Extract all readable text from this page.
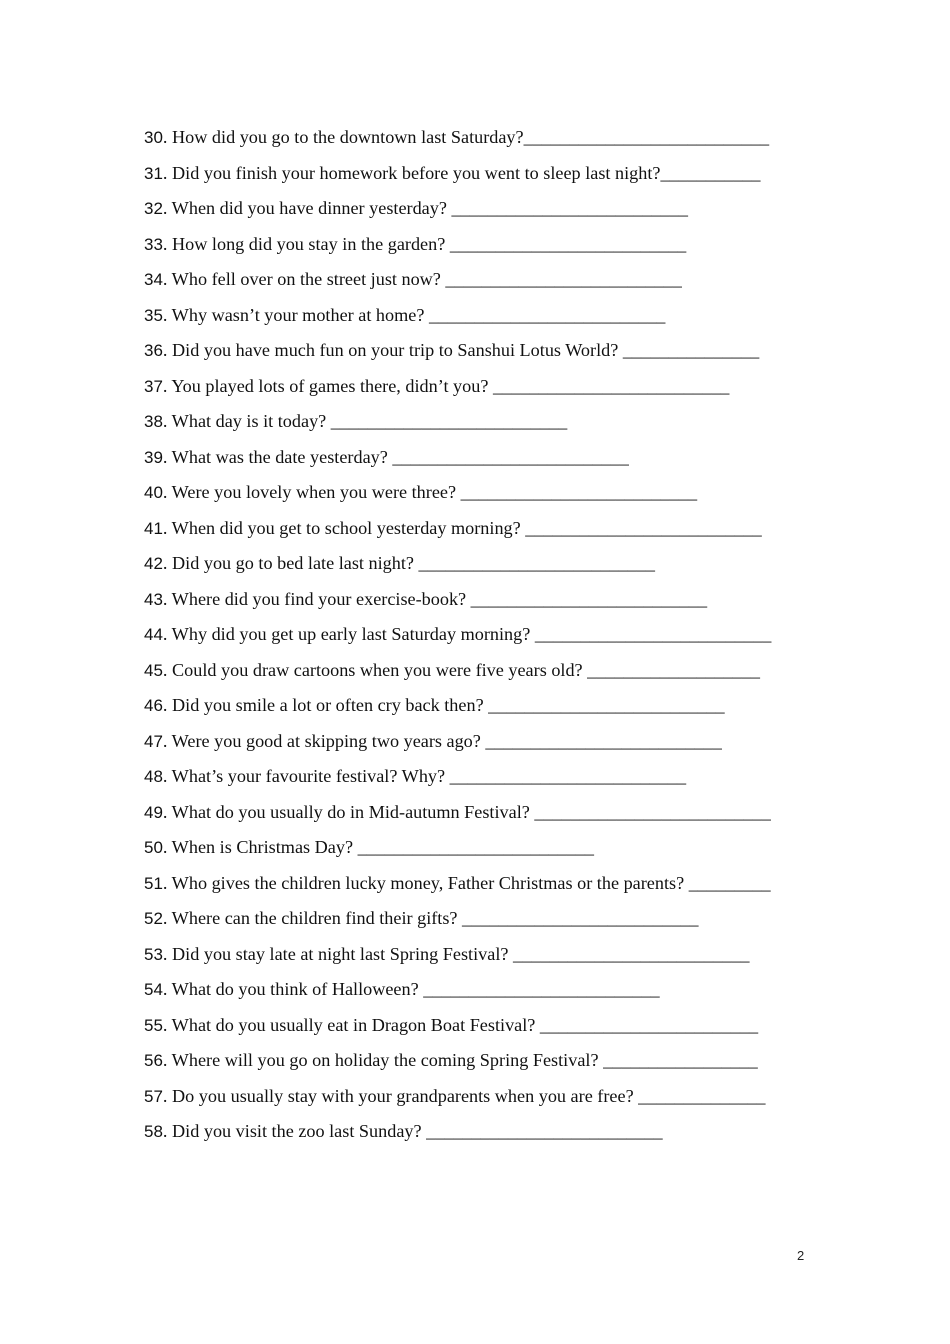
30. How did you go to the downtown last Saturday?___________________________
31. Did you finish your homework before you went to sleep last night?___________
32. When did you have dinner yesterday? __________________________
33. How long did you stay in the garden? __________________________
34. Who fell over on the street just now? __________________________
35. Why wasn’t your mother at home? __________________________
36. Did you have much fun on your trip to Sanshui Lotus World? _______________
37. You played lots of games there, didn’t you? __________________________
38. What day is it today? __________________________
39. What was the date yesterday? __________________________
40. Were you lovely when you were three? __________________________
41. When did you get to school yesterday morning? __________________________
42. Did you go to bed late last night? __________________________
43. Where did you find your exercise-book? __________________________
44. Why did you get up early last Saturday morning? __________________________
45. Could you draw cartoons when you were five years old? ___________________
46. Did you smile a lot or often cry back then? __________________________
47. Were you good at skipping two years ago? __________________________
48. What’s your favourite festival? Why? __________________________
49. What do you usually do in Mid-autumn Festival? __________________________
50. When is Christmas Day? __________________________
51. Who gives the children lucky money, Father Christmas or the parents? _________
52. Where can the children find their gifts? __________________________
53. Did you stay late at night last Spring Festival? __________________________
54. What do you think of Halloween? __________________________
55. What do you usually eat in Dragon Boat Festival? ________________________
56. Where will you go on holiday the coming Spring Festival? _________________
57. Do you usually stay with your grandparents when you are free? ______________
58. Did you visit the zoo last Sunday? __________________________
2
